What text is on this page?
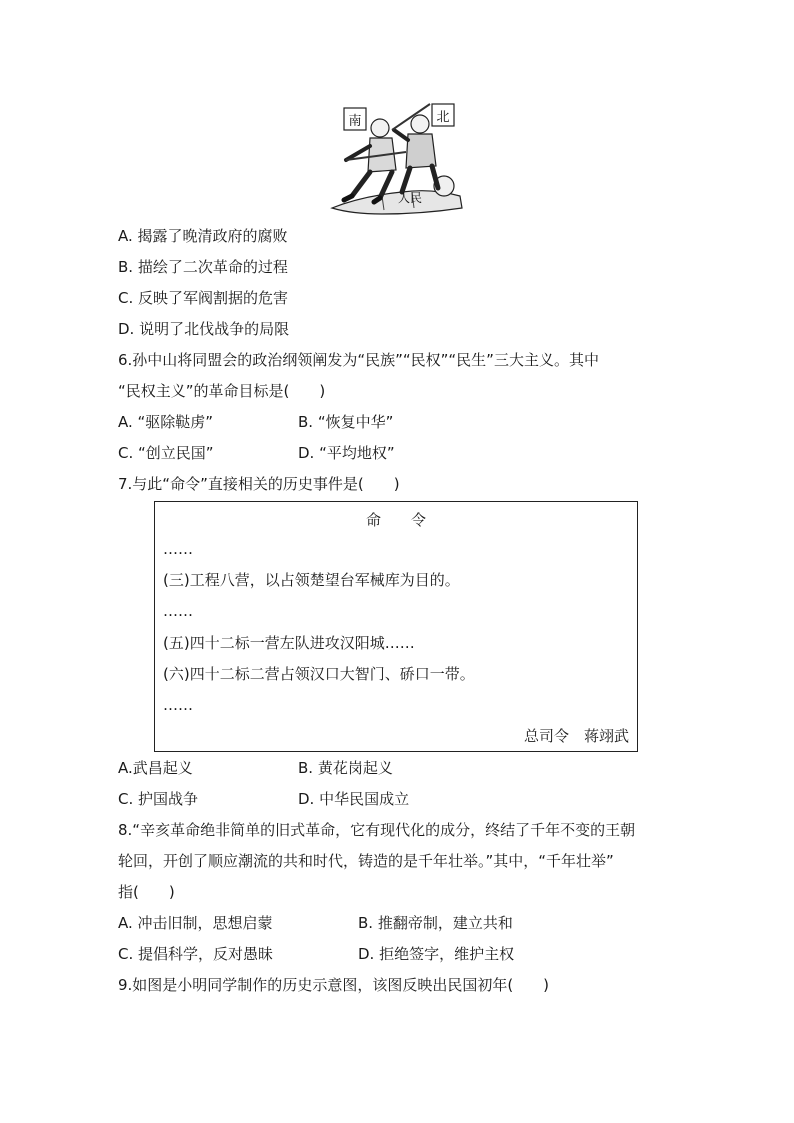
南	北
人民
A. 揭露了晚清政府的腐败
B. 描绘了二次革命的过程
C. 反映了军阀割据的危害
D. 说明了北伐战争的局限
6.孙中山将同盟会的政治纲领阐发为“民族”“民权”“民生”三大主义。其中
“民权主义”的革命目标是(　　)
A. “驱除鞑虏”	B. “恢复中华”
C. “创立民国”	D. “平均地权”
7.与此“命令”直接相关的历史事件是(　　)
命　　令
……
(三)工程八营，以占领楚望台军械库为目的。
……
(五)四十二标一营左队进攻汉阳城……
(六)四十二标二营占领汉口大智门、硚口一带。
……
总司令　蒋翊武
A.武昌起义	B. 黄花岗起义
C. 护国战争	D. 中华民国成立
8.“辛亥革命绝非简单的旧式革命，它有现代化的成分，终结了千年不变的王朝
轮回，开创了顺应潮流的共和时代，铸造的是千年壮举。”其中，“千年壮举”
指(　　)
A. 冲击旧制，思想启蒙	B. 推翻帝制，建立共和
C. 提倡科学，反对愚昧	D. 拒绝签字，维护主权
9.如图是小明同学制作的历史示意图，该图反映出民国初年(　　)
